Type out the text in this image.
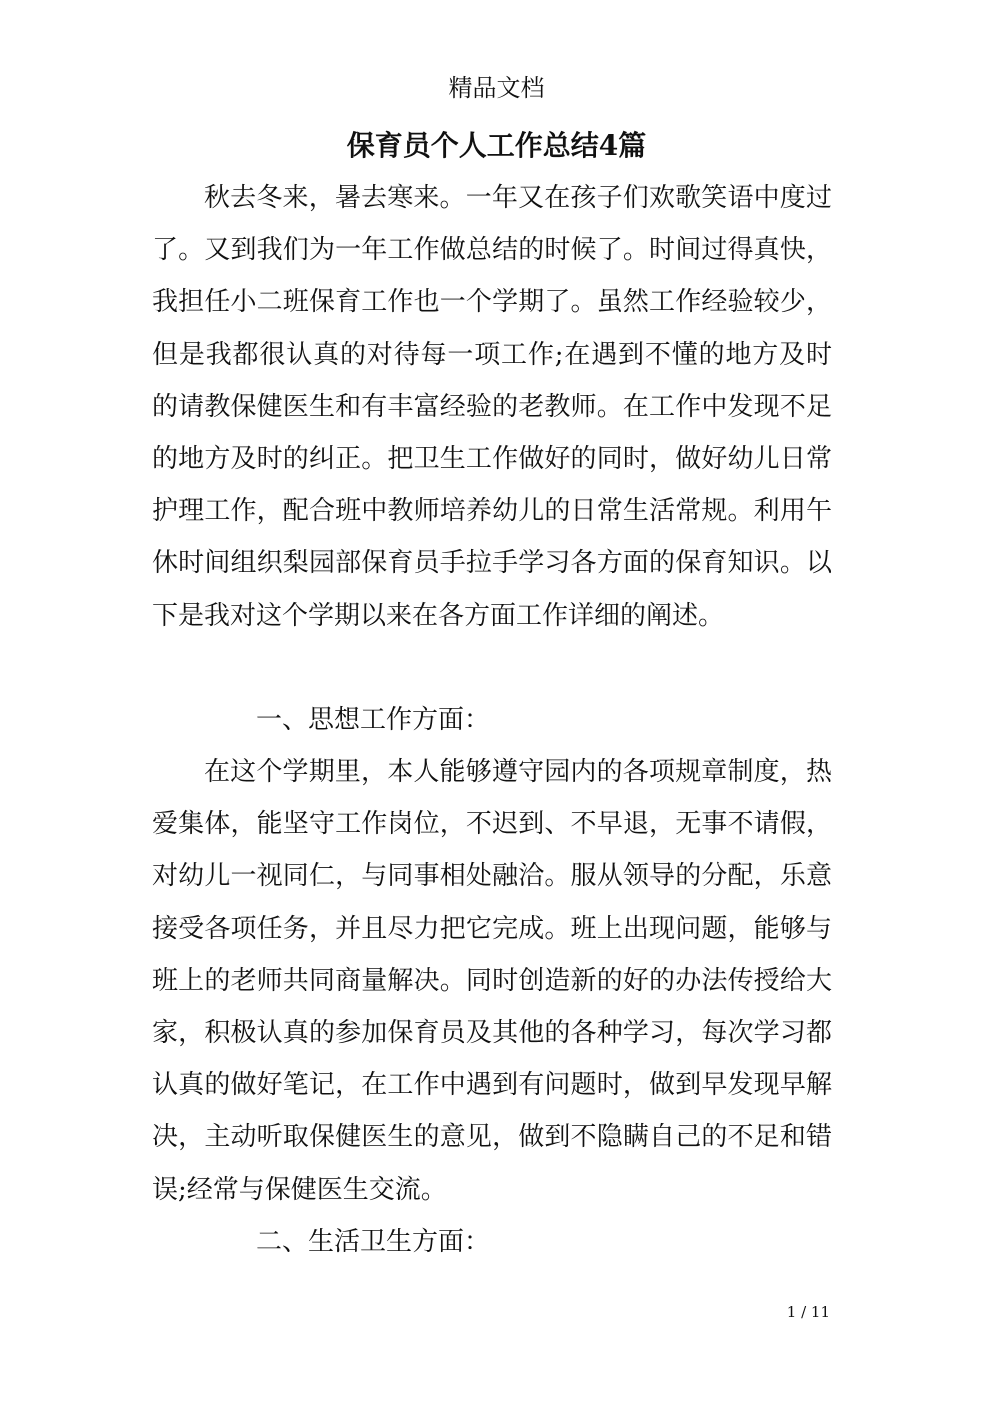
精品文档
保育员个人工作总结4篇

秋去冬来，暑去寒来。一年又在孩子们欢歌笑语中度过了。又到我们为一年工作做总结的时候了。时间过得真快，我担任小二班保育工作也一个学期了。虽然工作经验较少，但是我都很认真的对待每一项工作;在遇到不懂的地方及时的请教保健医生和有丰富经验的老教师。在工作中发现不足的地方及时的纠正。把卫生工作做好的同时，做好幼儿日常护理工作，配合班中教师培养幼儿的日常生活常规。利用午休时间组织梨园部保育员手拉手学习各方面的保育知识。以下是我对这个学期以来在各方面工作详细的阐述。

一、思想工作方面：

在这个学期里，本人能够遵守园内的各项规章制度，热爱集体，能坚守工作岗位，不迟到、不早退，无事不请假，对幼儿一视同仁，与同事相处融洽。服从领导的分配，乐意接受各项任务，并且尽力把它完成。班上出现问题，能够与班上的老师共同商量解决。同时创造新的好的办法传授给大家，积极认真的参加保育员及其他的各种学习，每次学习都认真的做好笔记，在工作中遇到有问题时，做到早发现早解决，主动听取保健医生的意见，做到不隐瞒自己的不足和错误;经常与保健医生交流。

二、生活卫生方面：

1 / 11
